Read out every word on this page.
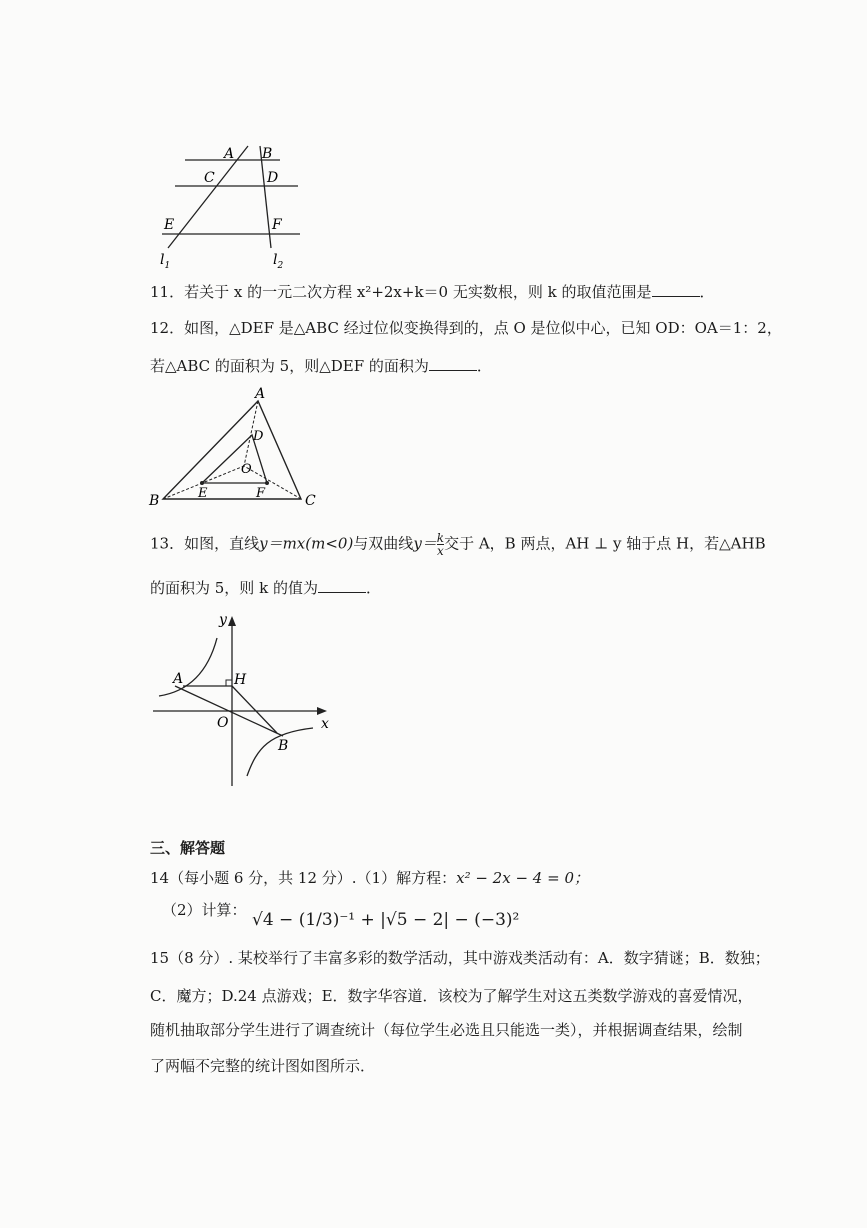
A B
C	D
E	F
$l_1$	$l_2$
11．若关于 x 的一元二次方程 x²+2x+k＝0 无实数根，则 k 的取值范围是	．
12．如图，△DEF 是△ABC 经过位似变换得到的，点 O 是位似中心，已知 OD：OA＝1：2，
若△ABC 的面积为 5，则△DEF 的面积为	．
A
B	C
D
E	F
O
13．如图，直线y＝mx(m<0)与双曲线$y= \frac{k}{x}$ 交于 A，B 两点，AH ⊥ y 轴于点 H，若△AHB
的面积为 5，则 k 的值为	．
y
x
A	H
O
B
三、解答题
14（每小题 6 分，共 12 分）.（1）解方程：x² − 2x − 4 = 0；
（2）计算： √4 − (1/3)⁻¹ + |√5 − 2| − (−3)²
15（8 分）. 某校举行了丰富多彩的数学活动，其中游戏类活动有：A．数字猜谜；B．数独；
C．魔方；D.24 点游戏；E．数字华容道．该校为了解学生对这五类数学游戏的喜爱情况，
随机抽取部分学生进行了调查统计（每位学生必选且只能选一类），并根据调查结果，绘制
了两幅不完整的统计图如图所示．
